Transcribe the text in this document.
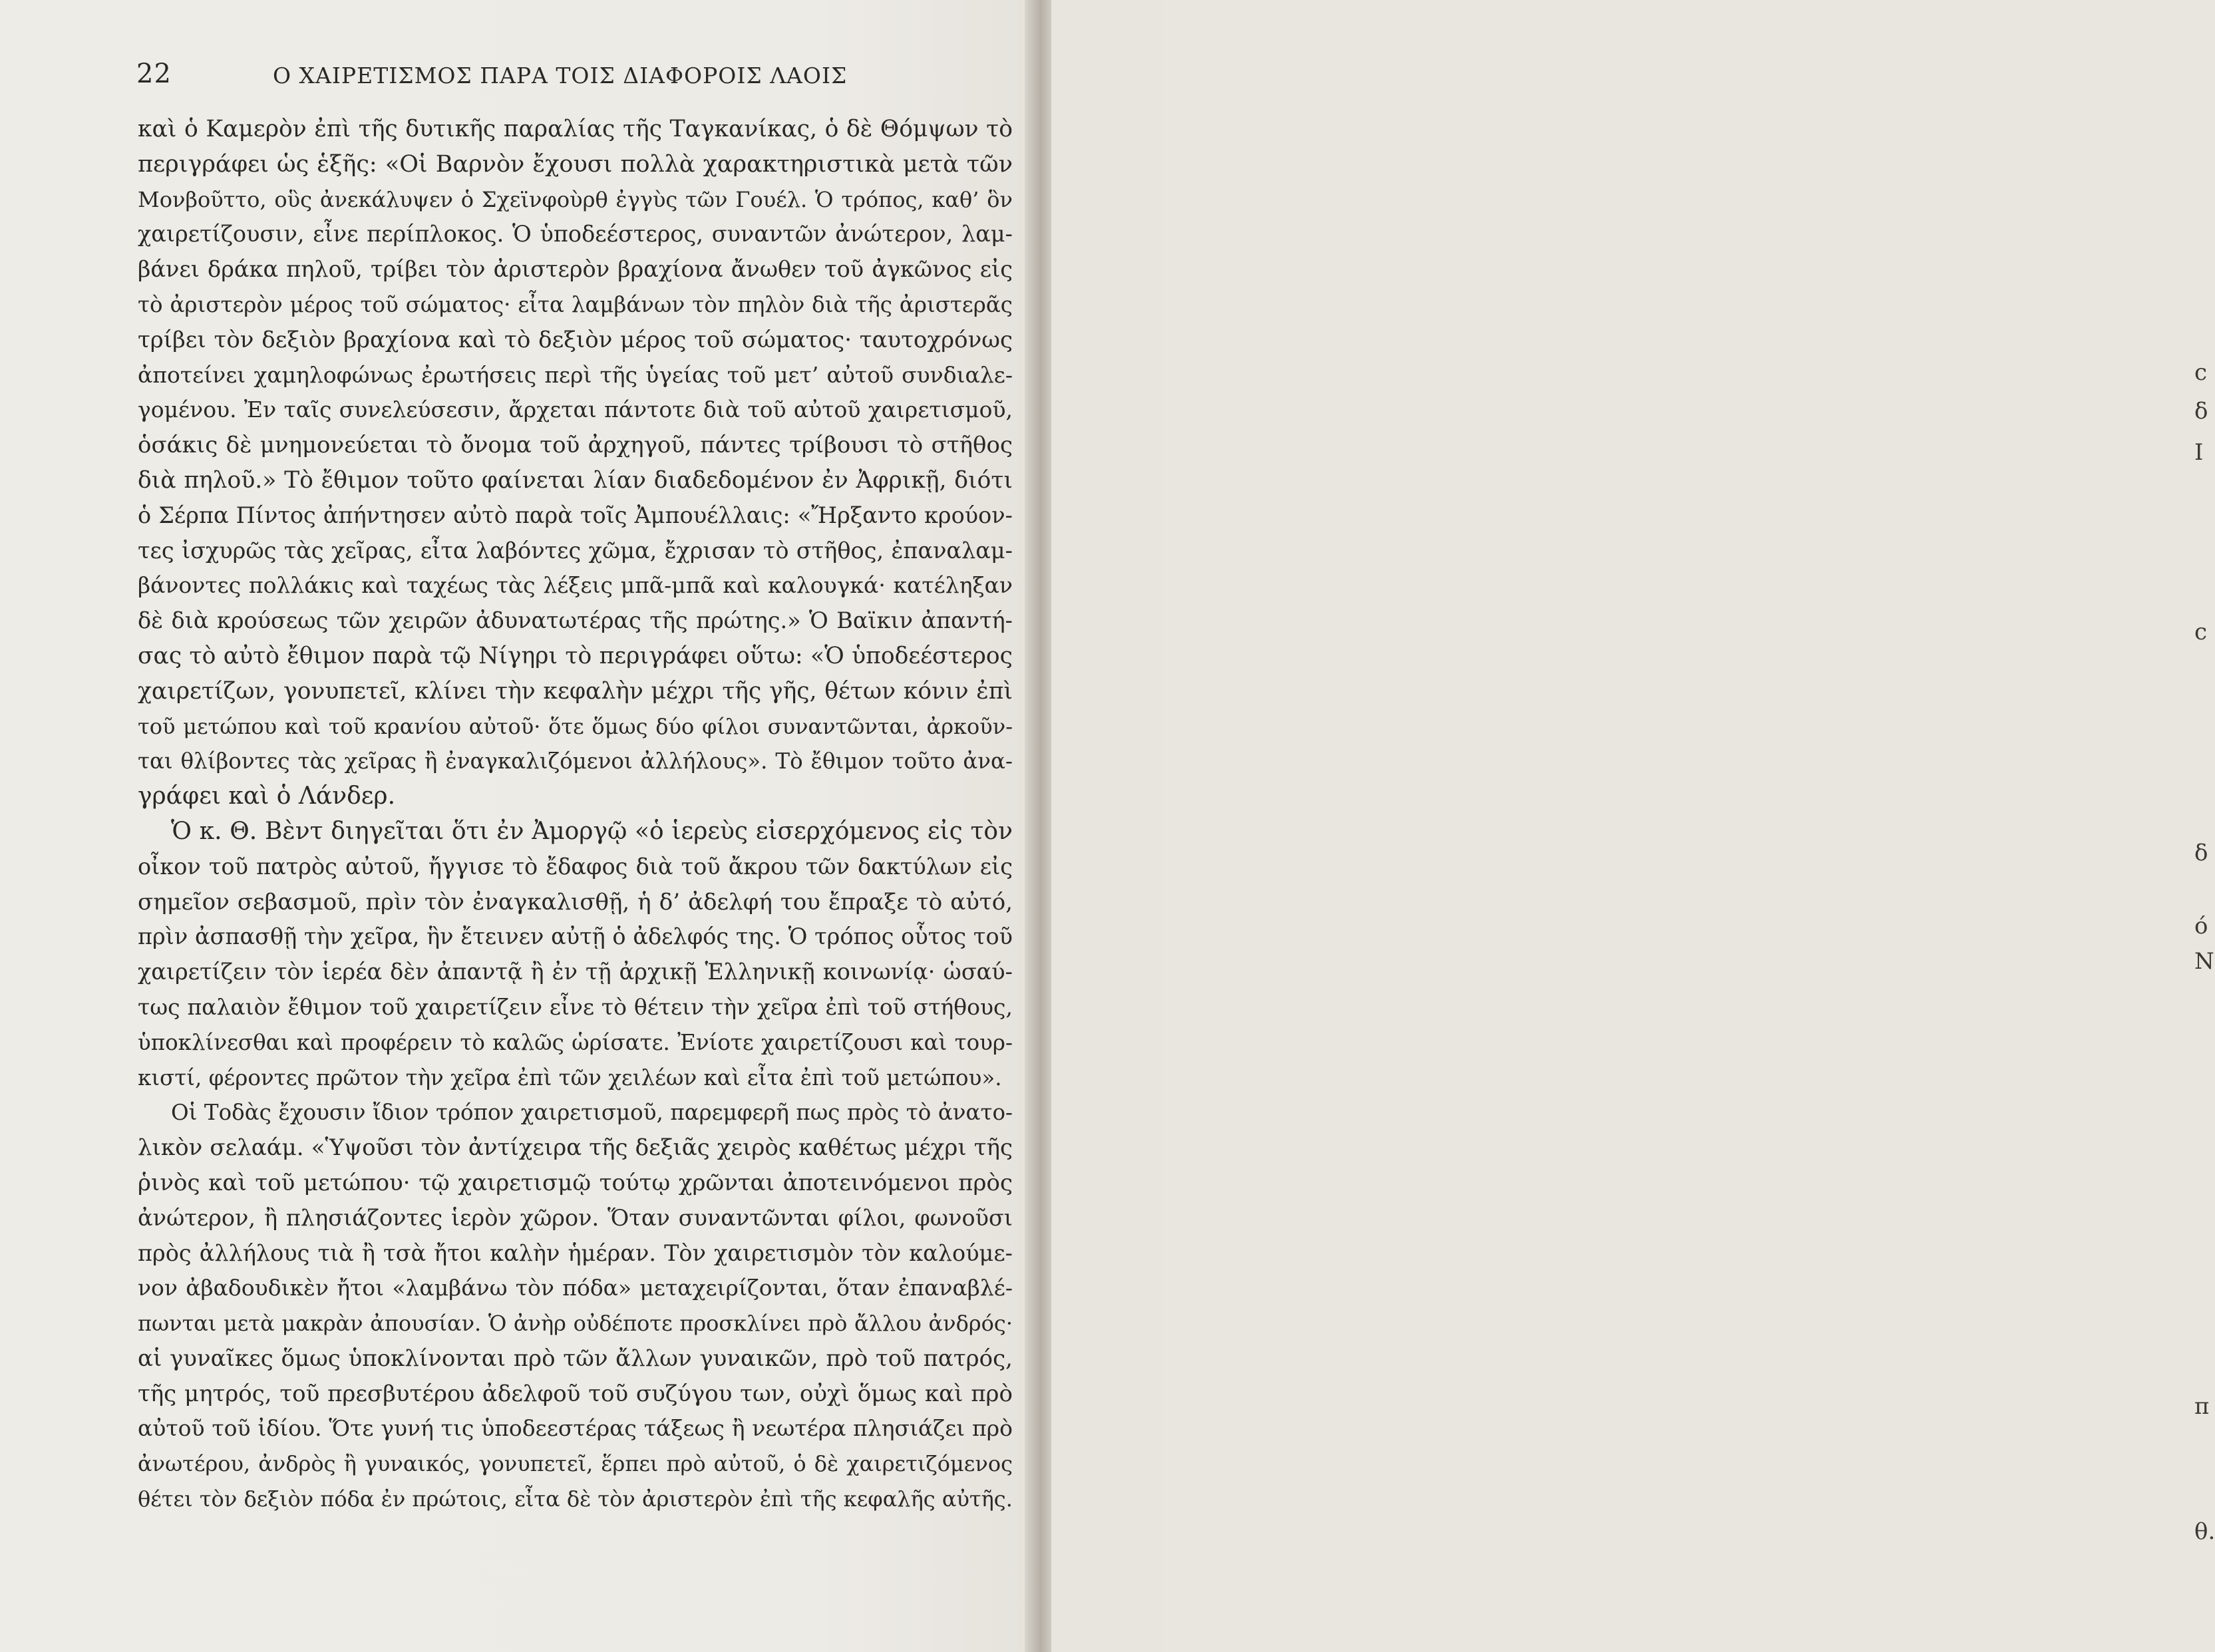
22	Ο ΧΑΙΡΕΤΙΣΜΟΣ ΠΑΡΑ ΤΟΙΣ ΔΙΑΦΟΡΟΙΣ ΛΑΟΙΣ
καὶ ὁ Καμερὸν ἐπὶ τῆς δυτικῆς παραλίας τῆς Ταγκανίκας, ὁ δὲ Θόμψων τὸ
περιγράφει ὡς ἑξῆς: «Οἱ Βαρνὸν ἔχουσι πολλὰ χαρακτηριστικὰ μετὰ τῶν
Μονβοῦττο, οὓς ἀνεκάλυψεν ὁ Σχεϊνφοὺρθ ἐγγὺς τῶν Γουέλ. Ὁ τρόπος, καθ’ ὃν
χαιρετίζουσιν, εἶνε περίπλοκος. Ὁ ὑποδεέστερος, συναντῶν ἀνώτερον, λαμ-
βάνει δράκα πηλοῦ, τρίβει τὸν ἀριστερὸν βραχίονα ἄνωθεν τοῦ ἀγκῶνος εἰς
τὸ ἀριστερὸν μέρος τοῦ σώματος· εἶτα λαμβάνων τὸν πηλὸν διὰ τῆς ἀριστερᾶς
τρίβει τὸν δεξιὸν βραχίονα καὶ τὸ δεξιὸν μέρος τοῦ σώματος· ταυτοχρόνως
ἀποτείνει χαμηλοφώνως ἐρωτήσεις περὶ τῆς ὑγείας τοῦ μετ’ αὐτοῦ συνδιαλε-
γομένου. Ἐν ταῖς συνελεύσεσιν, ἄρχεται πάντοτε διὰ τοῦ αὐτοῦ χαιρετισμοῦ,
ὁσάκις δὲ μνημονεύεται τὸ ὄνομα τοῦ ἀρχηγοῦ, πάντες τρίβουσι τὸ στῆθος
διὰ πηλοῦ.» Τὸ ἔθιμον τοῦτο φαίνεται λίαν διαδεδομένον ἐν Ἀφρικῇ, διότι
ὁ Σέρπα Πίντος ἀπήντησεν αὐτὸ παρὰ τοῖς Ἀμπουέλλαις: «Ἤρξαντο κρούον-
τες ἰσχυρῶς τὰς χεῖρας, εἶτα λαβόντες χῶμα, ἔχρισαν τὸ στῆθος, ἐπαναλαμ-
βάνοντες πολλάκις καὶ ταχέως τὰς λέξεις μπᾶ-μπᾶ καὶ καλουγκά· κατέληξαν
δὲ διὰ κρούσεως τῶν χειρῶν ἀδυνατωτέρας τῆς πρώτης.» Ὁ Βαϊκιν ἀπαντή-
σας τὸ αὐτὸ ἔθιμον παρὰ τῷ Νίγηρι τὸ περιγράφει οὕτω: «Ὁ ὑποδεέστερος
χαιρετίζων, γονυπετεῖ, κλίνει τὴν κεφαλὴν μέχρι τῆς γῆς, θέτων κόνιν ἐπὶ
τοῦ μετώπου καὶ τοῦ κρανίου αὐτοῦ· ὅτε ὅμως δύο φίλοι συναντῶνται, ἀρκοῦν-
ται θλίβοντες τὰς χεῖρας ἢ ἐναγκαλιζόμενοι ἀλλήλους». Τὸ ἔθιμον τοῦτο ἀνα-
γράφει καὶ ὁ Λάνδερ.
Ὁ κ. Θ. Βὲντ διηγεῖται ὅτι ἐν Ἀμοργῷ «ὁ ἱερεὺς εἰσερχόμενος εἰς τὸν
οἶκον τοῦ πατρὸς αὐτοῦ, ἤγγισε τὸ ἔδαφος διὰ τοῦ ἄκρου τῶν δακτύλων εἰς
σημεῖον σεβασμοῦ, πρὶν τὸν ἐναγκαλισθῇ, ἡ δ’ ἀδελφή του ἔπραξε τὸ αὐτό,
πρὶν ἀσπασθῇ τὴν χεῖρα, ἣν ἔτεινεν αὐτῇ ὁ ἀδελφός της. Ὁ τρόπος οὗτος τοῦ
χαιρετίζειν τὸν ἱερέα δὲν ἀπαντᾷ ἢ ἐν τῇ ἀρχικῇ Ἑλληνικῇ κοινωνίᾳ· ὡσαύ-
τως παλαιὸν ἔθιμον τοῦ χαιρετίζειν εἶνε τὸ θέτειν τὴν χεῖρα ἐπὶ τοῦ στήθους,
ὑποκλίνεσθαι καὶ προφέρειν τὸ καλῶς ὡρίσατε. Ἐνίοτε χαιρετίζουσι καὶ τουρ-
κιστί, φέροντες πρῶτον τὴν χεῖρα ἐπὶ τῶν χειλέων καὶ εἶτα ἐπὶ τοῦ μετώπου».
Οἱ Τοδὰς ἔχουσιν ἴδιον τρόπον χαιρετισμοῦ, παρεμφερῆ πως πρὸς τὸ ἀνατο-
λικὸν σελαάμ. «Ὑψοῦσι τὸν ἀντίχειρα τῆς δεξιᾶς χειρὸς καθέτως μέχρι τῆς
ῥινὸς καὶ τοῦ μετώπου· τῷ χαιρετισμῷ τούτῳ χρῶνται ἀποτεινόμενοι πρὸς
ἀνώτερον, ἢ πλησιάζοντες ἱερὸν χῶρον. Ὅταν συναντῶνται φίλοι, φωνοῦσι
πρὸς ἀλλήλους τιὰ ἢ τσὰ ἤτοι καλὴν ἡμέραν. Τὸν χαιρετισμὸν τὸν καλούμε-
νον ἀβαδουδικὲν ἤτοι «λαμβάνω τὸν πόδα» μεταχειρίζονται, ὅταν ἐπαναβλέ-
πωνται μετὰ μακρὰν ἀπουσίαν. Ὁ ἀνὴρ οὐδέποτε προσκλίνει πρὸ ἄλλου ἀνδρός·
αἱ γυναῖκες ὅμως ὑποκλίνονται πρὸ τῶν ἄλλων γυναικῶν, πρὸ τοῦ πατρός,
τῆς μητρός, τοῦ πρεσβυτέρου ἀδελφοῦ τοῦ συζύγου των, οὐχὶ ὅμως καὶ πρὸ
αὐτοῦ τοῦ ἰδίου. Ὅτε γυνή τις ὑποδεεστέρας τάξεως ἢ νεωτέρα πλησιάζει πρὸ
ἀνωτέρου, ἀνδρὸς ἢ γυναικός, γονυπετεῖ, ἕρπει πρὸ αὐτοῦ, ὁ δὲ χαιρετιζόμενος
θέτει τὸν δεξιὸν πόδα ἐν πρώτοις, εἶτα δὲ τὸν ἀριστερὸν ἐπὶ τῆς κεφαλῆς αὐτῆς.
c
δ
I
c
δ
ό
N
π
θ.
